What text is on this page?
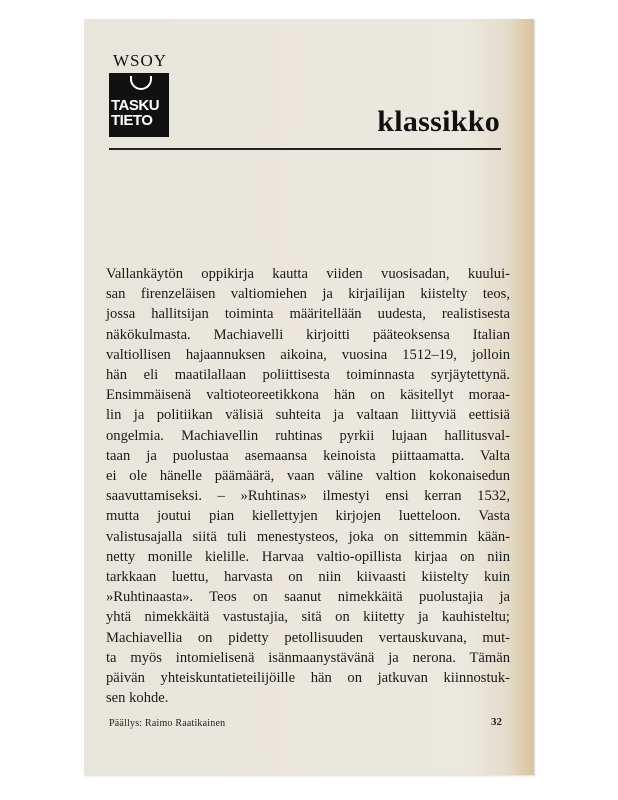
WSOY
TASKU
TIETO	klassikko
Vallankäytön oppikirja kautta viiden vuosisadan, kuului-
san firenzeläisen valtiomiehen ja kirjailijan kiistelty teos,
jossa hallitsijan toiminta määritellään uudesta, realistisesta
näkökulmasta. Machiavelli kirjoitti pääteoksensa Italian
valtiollisen hajaannuksen aikoina, vuosina 1512–19, jolloin
hän eli maatilallaan poliittisesta toiminnasta syrjäytettynä.
Ensimmäisenä valtioteoreetikkona hän on käsitellyt moraa-
lin ja politiikan välisiä suhteita ja valtaan liittyviä eettisiä
ongelmia. Machiavellin ruhtinas pyrkii lujaan hallitusval-
taan ja puolustaa asemaansa keinoista piittaamatta. Valta
ei ole hänelle päämäärä, vaan väline valtion kokonaisedun
saavuttamiseksi. – »Ruhtinas» ilmestyi ensi kerran 1532,
mutta joutui pian kiellettyjen kirjojen luetteloon. Vasta
valistusajalla siitä tuli menestysteos, joka on sittemmin kään-
netty monille kielille. Harvaa valtio-opillista kirjaa on niin
tarkkaan luettu, harvasta on niin kiivaasti kiistelty kuin
»Ruhtinaasta». Teos on saanut nimekkäitä puolustajia ja
yhtä nimekkäitä vastustajia, sitä on kiitetty ja kauhisteltu;
Machiavellia on pidetty petollisuuden vertauskuvana, mut-
ta myös intomielisenä isänmaanystävänä ja nerona. Tämän
päivän yhteiskuntatieteilijöille hän on jatkuvan kiinnostuk-
sen kohde.
Päällys: Raimo Raatikainen	32
